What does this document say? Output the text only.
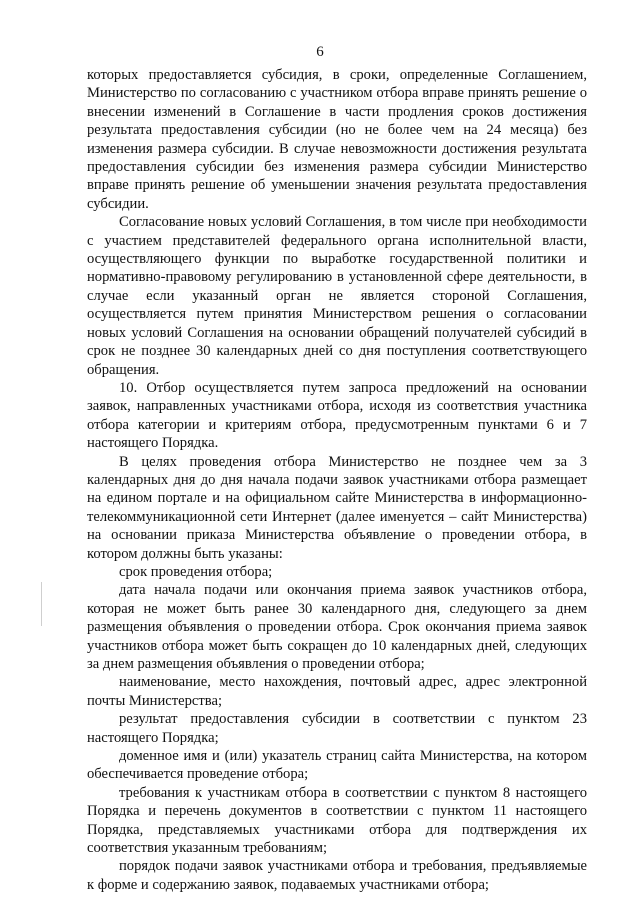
6

которых предоставляется субсидия, в сроки, определенные Соглашением, Министерство по согласованию с участником отбора вправе принять решение о внесении изменений в Соглашение в части продления сроков достижения результата предоставления субсидии (но не более чем на 24 месяца) без изменения размера субсидии. В случае невозможности достижения результата предоставления субсидии без изменения размера субсидии Министерство вправе принять решение об уменьшении значения результата предоставления субсидии.

Согласование новых условий Соглашения, в том числе при необходимости с участием представителей федерального органа исполнительной власти, осуществляющего функции по выработке государственной политики и нормативно-правовому регулированию в установленной сфере деятельности, в случае если указанный орган не является стороной Соглашения, осуществляется путем принятия Министерством решения о согласовании новых условий Соглашения на основании обращений получателей субсидий в срок не позднее 30 календарных дней со дня поступления соответствующего обращения.

10. Отбор осуществляется путем запроса предложений на основании заявок, направленных участниками отбора, исходя из соответствия участника отбора категории и критериям отбора, предусмотренным пунктами 6 и 7 настоящего Порядка.

В целях проведения отбора Министерство не позднее чем за 3 календарных дня до дня начала подачи заявок участниками отбора размещает на едином портале и на официальном сайте Министерства в информационно-телекоммуникационной сети Интернет (далее именуется – сайт Министерства) на основании приказа Министерства объявление о проведении отбора, в котором должны быть указаны:

срок проведения отбора;

дата начала подачи или окончания приема заявок участников отбора, которая не может быть ранее 30 календарного дня, следующего за днем размещения объявления о проведении отбора. Срок окончания приема заявок участников отбора может быть сокращен до 10 календарных дней, следующих за днем размещения объявления о проведении отбора;

наименование, место нахождения, почтовый адрес, адрес электронной почты Министерства;

результат предоставления субсидии в соответствии с пунктом 23 настоящего Порядка;

доменное имя и (или) указатель страниц сайта Министерства, на котором обеспечивается проведение отбора;

требования к участникам отбора в соответствии с пунктом 8 настоящего Порядка и перечень документов в соответствии с пунктом 11 настоящего Порядка, представляемых участниками отбора для подтверждения их соответствия указанным требованиям;

порядок подачи заявок участниками отбора и требования, предъявляемые к форме и содержанию заявок, подаваемых участниками отбора;
